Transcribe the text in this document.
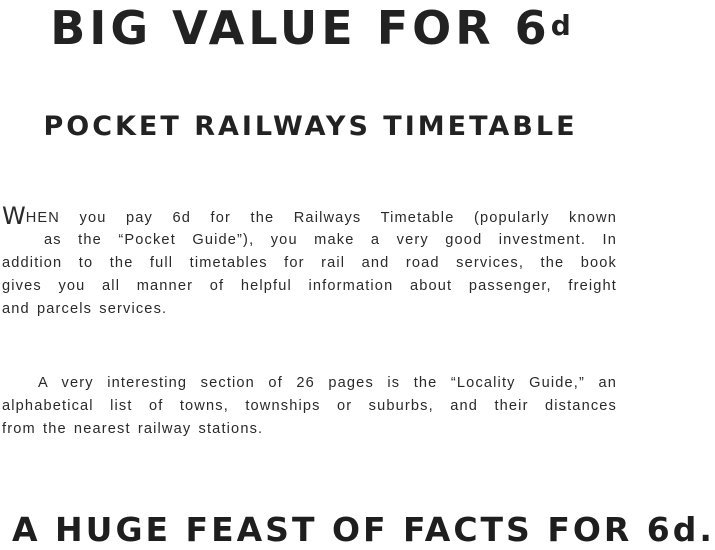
BIG VALUE FOR 6$^d$
POCKET RAILWAYS TIMETABLE
WHEN you pay 6d for the Railways Timetable (popularly known
as the “Pocket Guide”), you make a very good investment. In
addition to the full timetables for rail and road services, the book
gives you all manner of helpful information about passenger, freight
and parcels services.
A very interesting section of 26 pages is the “Locality Guide,” an
alphabetical list of towns, townships or suburbs, and their distances
from the nearest railway stations.
A HUGE FEAST OF FACTS FOR 6d.
